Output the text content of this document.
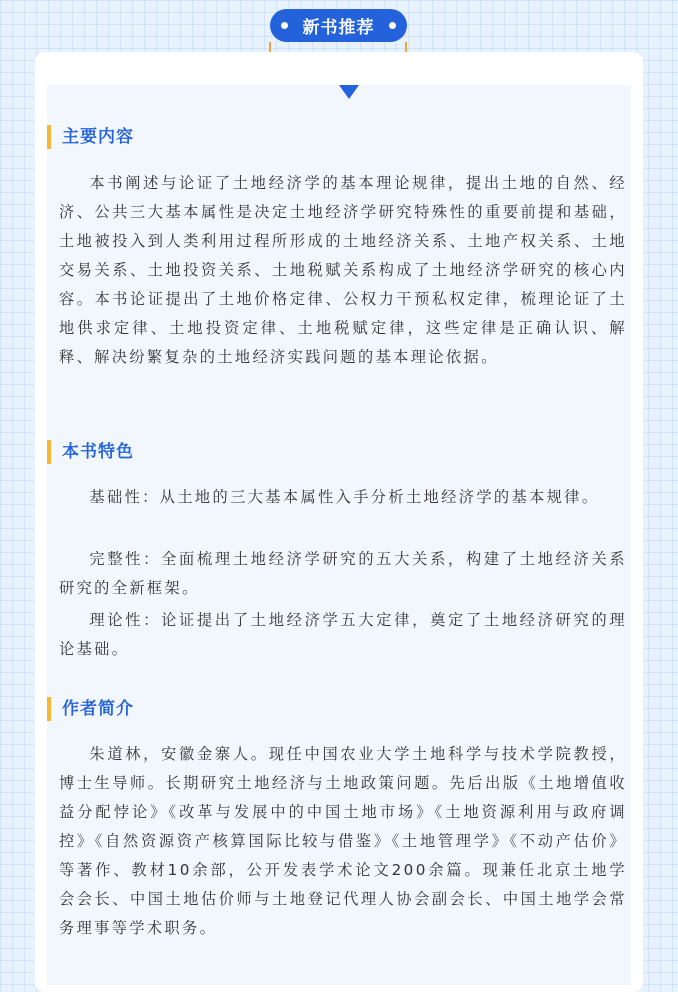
新书推荐
主要内容

本书阐述与论证了土地经济学的基本理论规律，提出土地的自然、经济、公共三大基本属性是决定土地经济学研究特殊性的重要前提和基础，土地被投入到人类利用过程所形成的土地经济关系、土地产权关系、土地交易关系、土地投资关系、土地税赋关系构成了土地经济学研究的核心内容。本书论证提出了土地价格定律、公权力干预私权定律，梳理论证了土地供求定律、土地投资定律、土地税赋定律，这些定律是正确认识、解释、解决纷繁复杂的土地经济实践问题的基本理论依据。

本书特色

基础性：从土地的三大基本属性入手分析土地经济学的基本规律。

完整性：全面梳理土地经济学研究的五大关系，构建了土地经济关系研究的全新框架。

理论性：论证提出了土地经济学五大定律，奠定了土地经济研究的理论基础。

作者简介

朱道林，安徽金寨人。现任中国农业大学土地科学与技术学院教授，博士生导师。长期研究土地经济与土地政策问题。先后出版《土地增值收益分配悖论》《改革与发展中的中国土地市场》《土地资源利用与政府调控》《自然资源资产核算国际比较与借鉴》《土地管理学》《不动产估价》等著作、教材10余部，公开发表学术论文200余篇。现兼任北京土地学会会长、中国土地估价师与土地登记代理人协会副会长、中国土地学会常务理事等学术职务。
